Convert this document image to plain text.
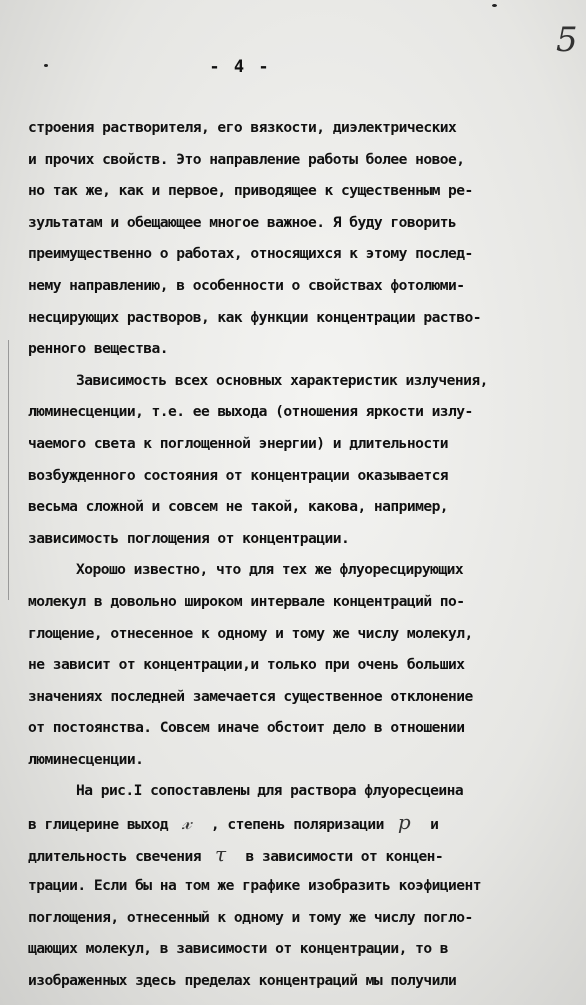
5
- 4 -
строения растворителя, его вязкости, диэлектрических
и прочих свойств. Это направление работы более новое,
но так же, как и первое, приводящее к существенным ре-
зультатам и обещающее многое важное. Я буду говорить
преимущественно о работах, относящихся к этому послед-
нему направлению, в особенности о свойствах фотолюми-
несцирующих растворов, как функции концентрации раство-
ренного вещества.
Зависимость всех основных характеристик излучения,
люминесценции, т.е. ее выхода (отношения яркости излу-
чаемого света к поглощенной энергии) и длительности
возбужденного состояния от концентрации оказывается
весьма сложной и совсем не такой, какова, например,
зависимость поглощения от концентрации.
Хорошо известно, что для тех же флуоресцирующих
молекул в довольно широком интервале концентраций по-
глощение, отнесенное к одному и тому же числу молекул,
не зависит от концентрации,и только при очень больших
значениях последней замечается существенное отклонение
от постоянства. Совсем иначе обстоит дело в отношении
люминесценции.
На рис.I сопоставлены для раствора флуоресцеина
в глицерине выход 𝓍 , степень поляризации p и
длительность свечения τ в зависимости от концен-
трации. Если бы на том же графике изобразить коэфициент
поглощения, отнесенный к одному и тому же числу погло-
щающих молекул, в зависимости от концентрации, то в
изображенных здесь пределах концентраций мы получили
